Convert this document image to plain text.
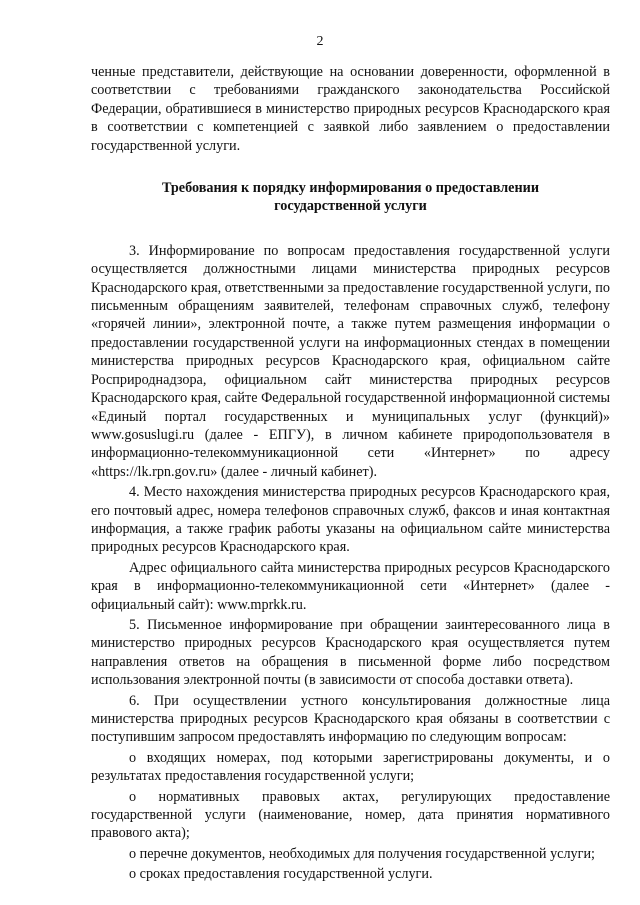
2

ченные представители, действующие на основании доверенности, оформленной в соответствии с требованиями гражданского законодательства Российской Федерации, обратившиеся в министерство природных ресурсов Краснодарского края в соответствии с компетенцией с заявкой либо заявлением о предоставлении государственной услуги.

Требования к порядку информирования о предоставлении
государственной услуги

3. Информирование по вопросам предоставления государственной услуги осуществляется должностными лицами министерства природных ресурсов Краснодарского края, ответственными за предоставление государственной услуги, по письменным обращениям заявителей, телефонам справочных служб, телефону «горячей линии», электронной почте, а также путем размещения информации о предоставлении государственной услуги на информационных стендах в помещении министерства природных ресурсов Краснодарского края, официальном сайте Росприроднадзора, официальном сайт министерства природных ресурсов Краснодарского края, сайте Федеральной государственной информационной системы «Единый портал государственных и муниципальных услуг (функций)» www.gosuslugi.ru (далее - ЕПГУ), в личном кабинете природопользователя в информационно-телекоммуникационной сети «Интернет» по адресу «https://lk.rpn.gov.ru» (далее - личный кабинет).

4. Место нахождения министерства природных ресурсов Краснодарского края, его почтовый адрес, номера телефонов справочных служб, факсов и иная контактная информация, а также график работы указаны на официальном сайте министерства природных ресурсов Краснодарского края.

Адрес официального сайта министерства природных ресурсов Краснодарского края в информационно-телекоммуникационной сети «Интернет» (далее - официальный сайт): www.mprkk.ru.

5. Письменное информирование при обращении заинтересованного лица в министерство природных ресурсов Краснодарского края осуществляется путем направления ответов на обращения в письменной форме либо посредством использования электронной почты (в зависимости от способа доставки ответа).

6. При осуществлении устного консультирования должностные лица министерства природных ресурсов Краснодарского края обязаны в соответствии с поступившим запросом предоставлять информацию по следующим вопросам:

о входящих номерах, под которыми зарегистрированы документы, и о результатах предоставления государственной услуги;

о нормативных правовых актах, регулирующих предоставление государственной услуги (наименование, номер, дата принятия нормативного правового акта);

о перечне документов, необходимых для получения государственной услуги;

о сроках предоставления государственной услуги.
